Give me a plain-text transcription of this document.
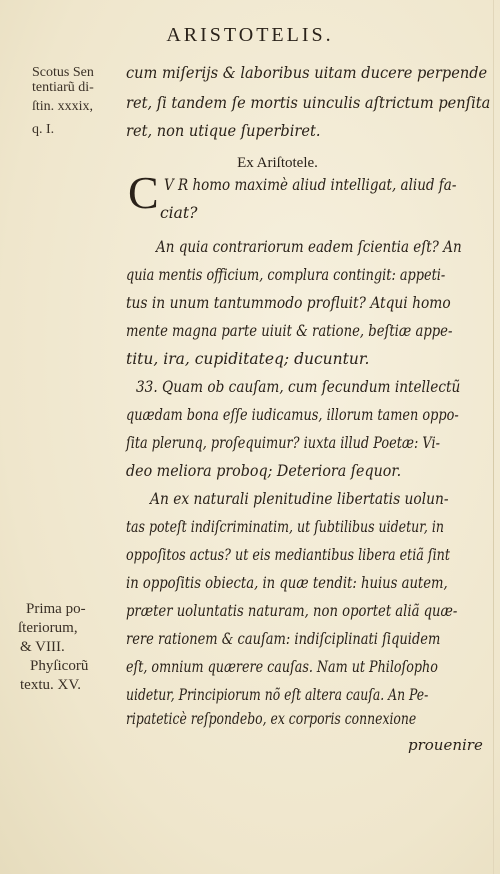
ARISTOTELIS.
Scotus Sen
tentiarũ di-
ſtin. xxxix,
q. I.
cum miſerijs & laboribus uitam ducere perpende
ret, ſi tandem ſe mortis uinculis aſtrictum penſita
ret, non utique ſuperbiret.
Ex Ariſtotele.
C V R homo maximè aliud intelligat, aliud fa-
ciat?
An quia contrariorum eadem ſcientia eſt? An
quia mentis officium, complura contingit: appeti-
tus in unum tantummodo profluit? Atqui homo
mente magna parte uiuit & ratione, beſtiæ appe-
titu, ira, cupiditateq; ducuntur.
33. Quam ob cauſam, cum ſecundum intellectũ
quædam bona eſſe iudicamus, illorum tamen oppo-
ſita plerunq, proſequimur? iuxta illud Poetæ: Vi-
deo meliora proboq; Deteriora ſequor.
An ex naturali plenitudine libertatis uolun-
tas poteſt indiſcriminatim, ut ſubtilibus uidetur, in
oppoſitos actus? ut eis mediantibus libera etiã ſint
in oppoſitis obiecta, in quæ tendit: huius autem,
Prima po-
ſteriorum,
& VIII.
Phyſicorũ
textu. XV.
præter uoluntatis naturam, non oportet aliã quæ-
rere rationem & cauſam: indiſciplinati ſiquidem
eſt, omnium quærere cauſas. Nam ut Philoſopho
uidetur, Principiorum nõ eſt altera cauſa. An Pe-
ripateticè reſpondebo, ex corporis connexione
prouenire
